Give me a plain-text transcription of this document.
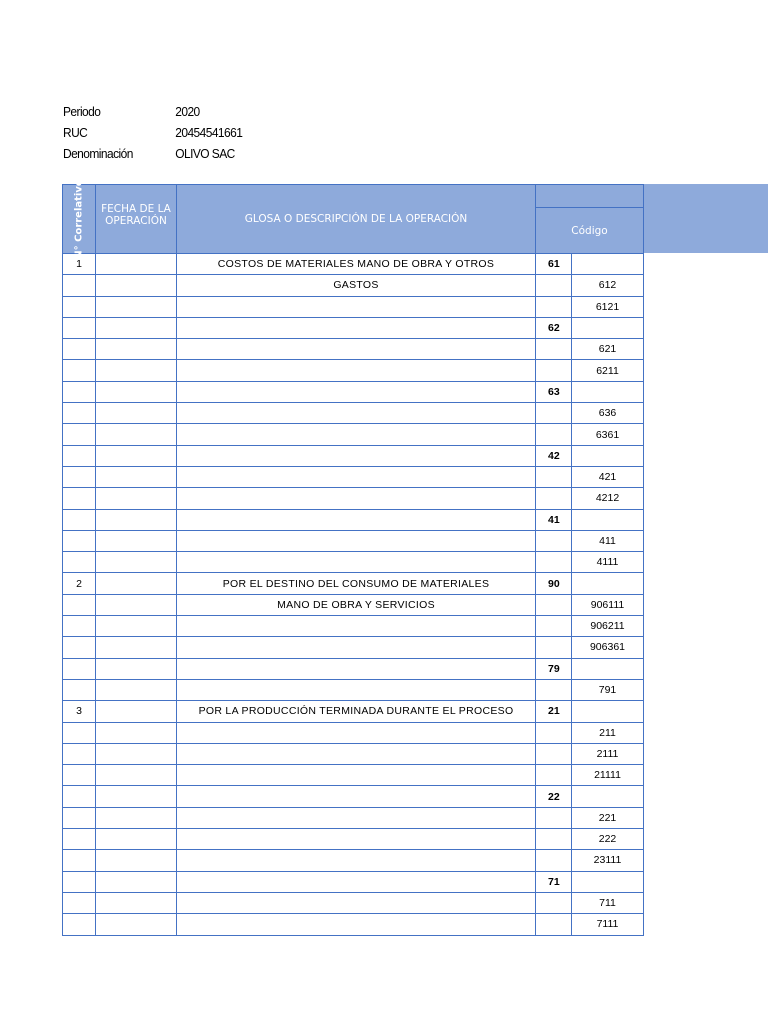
Periodo	2020
RUC	20454541661
Denominación	OLIVO SAC
N° Correlativo	FECHA DE LA OPERACIÓN	GLOSA O DESCRIPCIÓN DE LA OPERACIÓN		
			Código	
1		COSTOS DE MATERIALES MANO DE OBRA Y OTROS	61	
		GASTOS		612
				6121
			62	
				621
				6211
			63	
				636
				6361
			42	
				421
				4212
			41	
				411
				4111
2		POR EL DESTINO DEL CONSUMO DE MATERIALES	90	
		MANO DE OBRA Y SERVICIOS		906111
				906211
				906361
			79	
				791
3		POR LA PRODUCCIÓN TERMINADA DURANTE EL PROCESO	21	
				211
				2111
				21111
			22	
				221
				222
				23111
			71	
				711
				7111
